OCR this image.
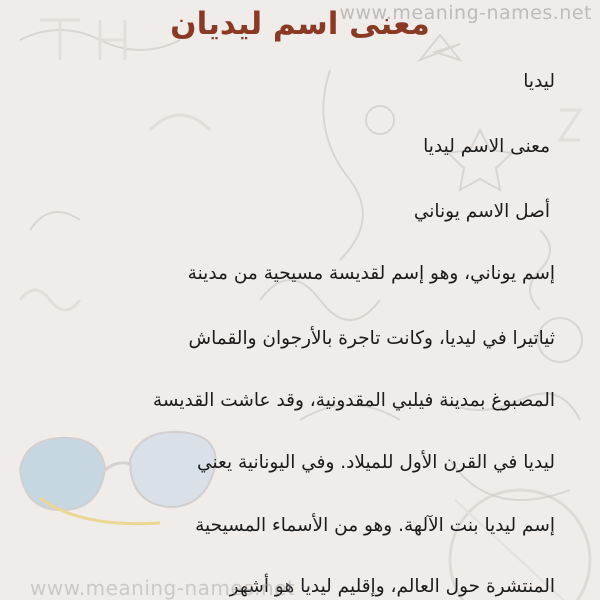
www.meaning-names.net
معنى اسم ليديان
ليديا
معنى الاسم ليديا
أصل الاسم يوناني
إسم يوناني، وهو إسم لقديسة مسيحية من مدينة
ثياتيرا في ليديا، وكانت تاجرة بالأرجوان والقماش
المصبوغ بمدينة فيلبي المقدونية، وقد عاشت القديسة
ليديا في القرن الأول للميلاد. وفي اليونانية يعني
إسم ليديا بنت الآلهة. وهو من الأسماء المسيحية
المنتشرة حول العالم، وإقليم ليديا هو أشهر
www.meaning-names.net
